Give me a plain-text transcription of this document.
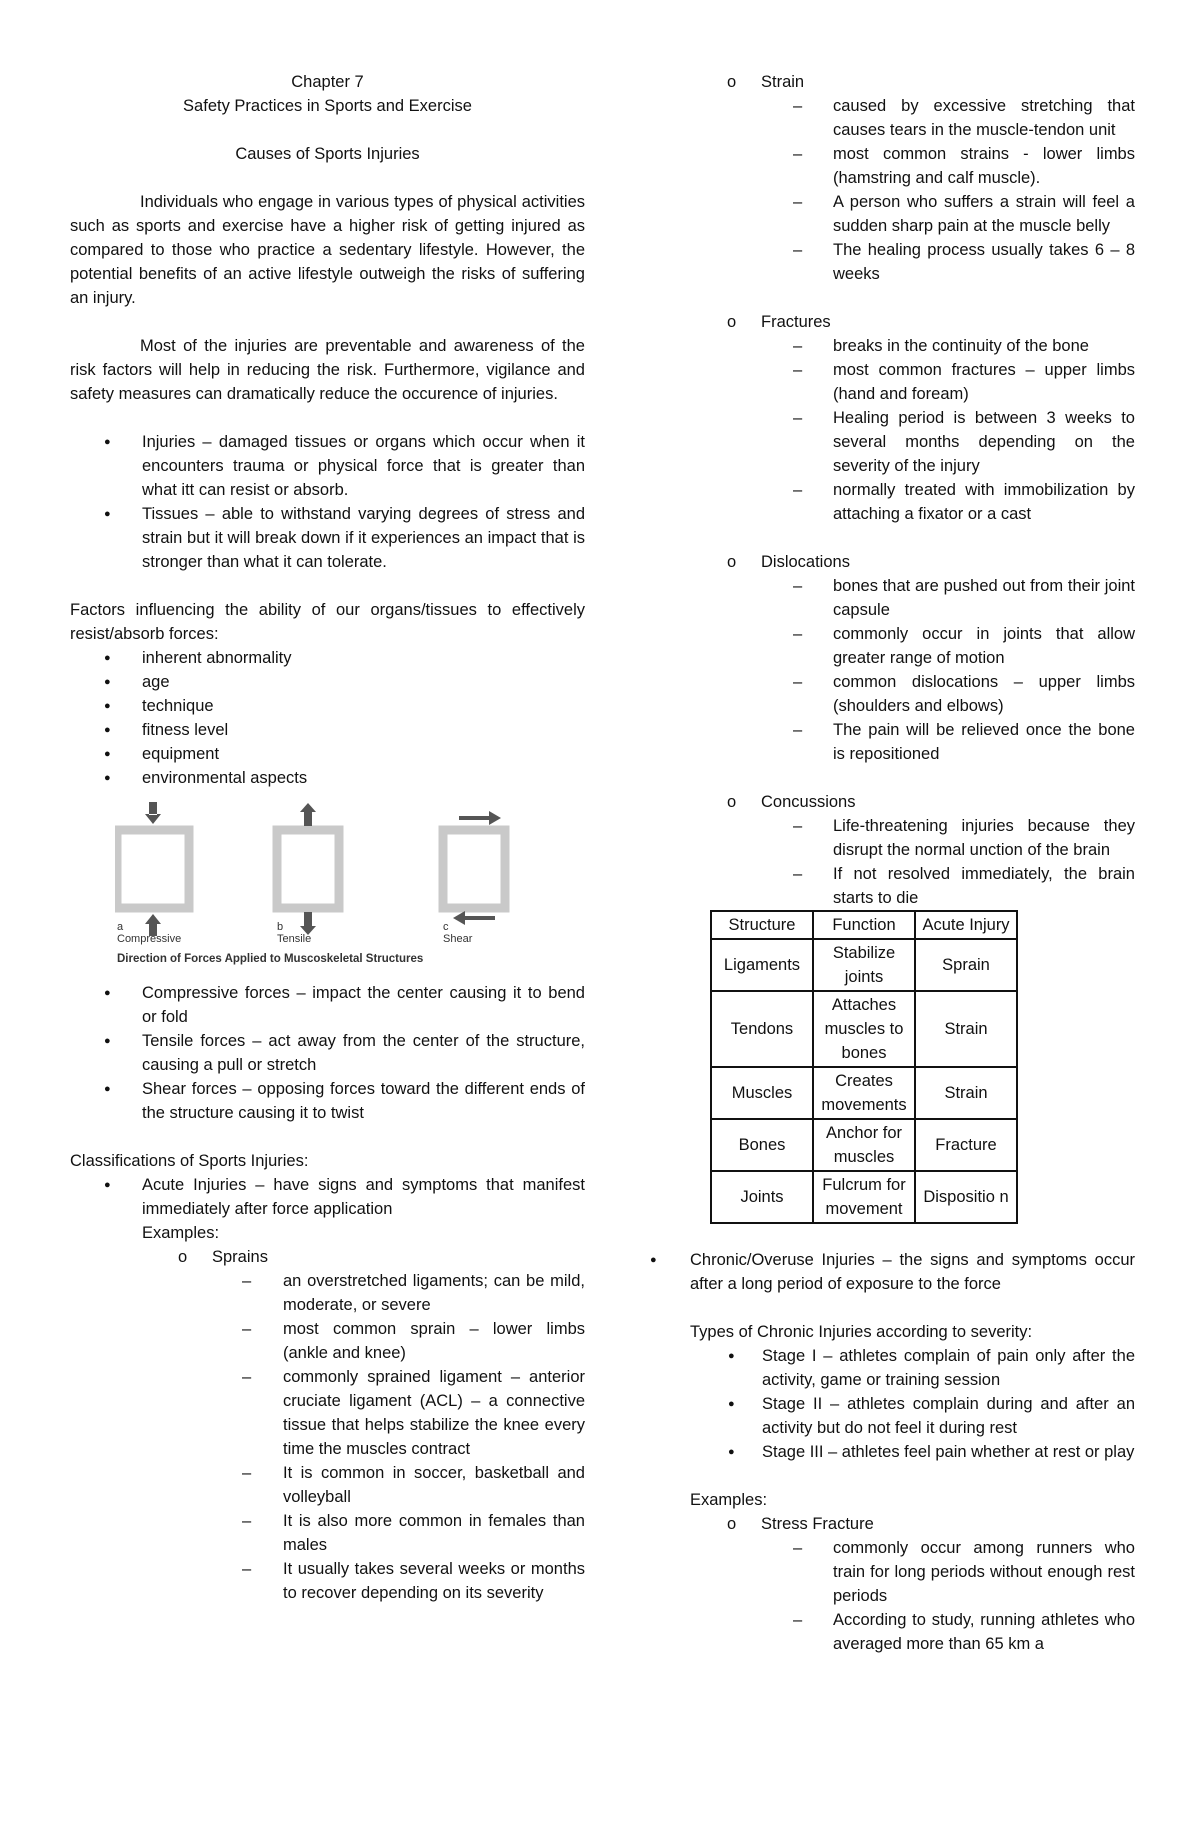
Chapter 7

Safety Practices in Sports and Exercise

Causes of Sports Injuries

Individuals who engage in various types of physical activities such as sports and exercise have a higher risk of getting injured as compared to those who practice a sedentary lifestyle. However, the potential benefits of an active lifestyle outweigh the risks of suffering an injury.

Most of the injuries are preventable and awareness of the risk factors will help in reducing the risk. Furthermore, vigilance and safety measures can dramatically reduce the occurence of injuries.

● Injuries – damaged tissues or organs which occur when it encounters trauma or physical force that is greater than what itt can resist or absorb.
● Tissues – able to withstand varying degrees of stress and strain but it will break down if it experiences an impact that is stronger than what it can tolerate.

Factors influencing the ability of our organs/tissues to effectively resist/absorb forces:

● inherent abnormality
● age
● technique
● fitness level
● equipment
● environmental aspects
a
Compressive
b
Tensile
c
Shear
Direction of Forces Applied to Muscoskeletal Structures
● Compressive forces – impact the center causing it to bend or fold
● Tensile forces – act away from the center of the structure, causing a pull or stretch
● Shear forces – opposing forces toward the different ends of the structure causing it to twist

Classifications of Sports Injuries:

● Acute Injuries – have signs and symptoms that manifest immediately after force application
Examples:
o Sprains
– an overstretched ligaments; can be mild, moderate, or severe
– most common sprain – lower limbs (ankle and knee)
– commonly sprained ligament – anterior cruciate ligament (ACL) – a connective tissue that helps stabilize the knee every time the muscles contract
– It is common in soccer, basketball and volleyball
– It is also more common in females than males
– It usually takes several weeks or months to recover depending on its severity
o Strain
– caused by excessive stretching that causes tears in the muscle-tendon unit
– most common strains - lower limbs (hamstring and calf muscle).
– A person who suffers a strain will feel a sudden sharp pain at the muscle belly
– The healing process usually takes 6 – 8 weeks
o Fractures
– breaks in the continuity of the bone
– most common fractures – upper limbs (hand and foream)
– Healing period is between 3 weeks to several months depending on the severity of the injury
– normally treated with immobilization by attaching a fixator or a cast
o Dislocations
– bones that are pushed out from their joint capsule
– commonly occur in joints that allow greater range of motion
– common dislocations – upper limbs (shoulders and elbows)
– The pain will be relieved once the bone is repositioned
o Concussions
– Life-threatening injuries because they disrupt the normal unction of the brain
– If not resolved immediately, the brain starts to die
Structure	Function	Acute Injury
Ligaments	Stabilize joints	Sprain
Tendons	Attaches muscles to bones	Strain
Muscles	Creates movements	Strain
Bones	Anchor for muscles	Fracture
Joints	Fulcrum for movement	Dispositio n

● Chronic/Overuse Injuries – the signs and symptoms occur after a long period of exposure to the force

Types of Chronic Injuries according to severity:

● Stage I – athletes complain of pain only after the activity, game or training session
● Stage II – athletes complain during and after an activity but do not feel it during rest
● Stage III – athletes feel pain whether at rest or play

Examples:

o Stress Fracture
– commonly occur among runners who train for long periods without enough rest periods
– According to study, running athletes who averaged more than 65 km a
